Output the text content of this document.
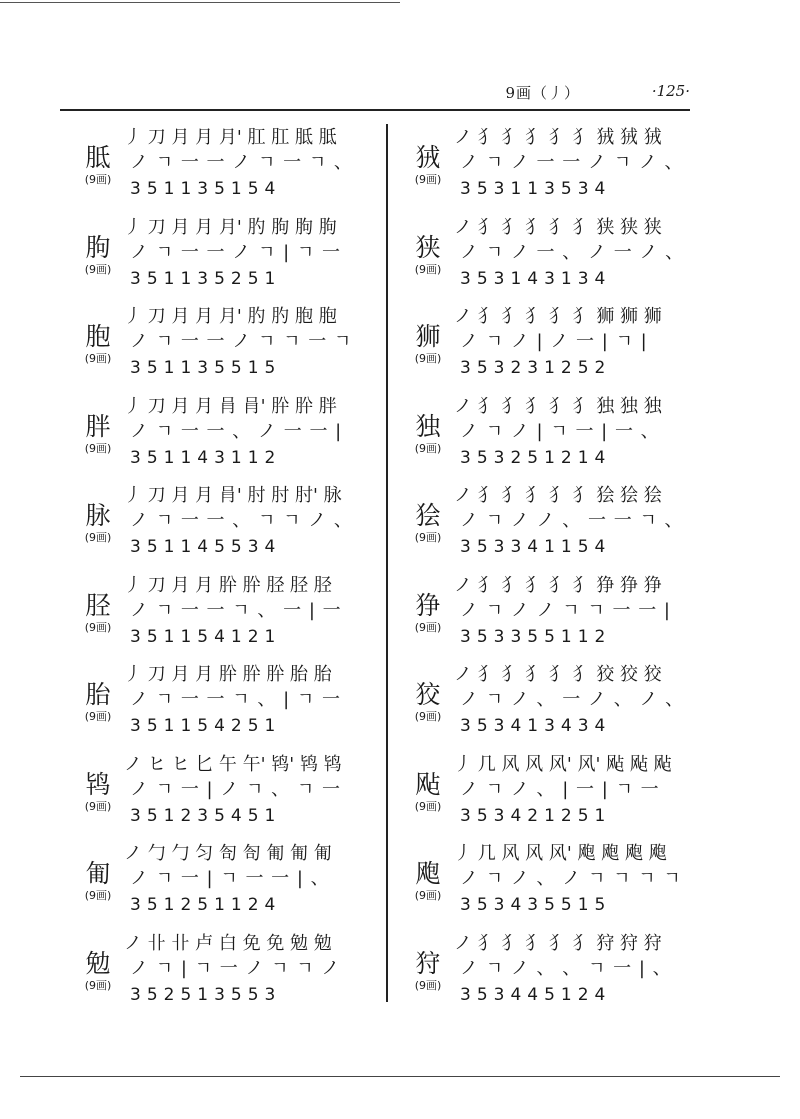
9画（丿）	·125·
胝
(9画)
丿 刀 月 月 月' 肛 肛 胝 胝
ノ ㄱ 一 一 ノ ㄱ 一 ㄱ 、
351135154
朐
(9画)
丿 刀 月 月 月' 肑 朐 朐 朐
ノ ㄱ 一 一 ノ ㄱ | ㄱ 一
351135251
胞
(9画)
丿 刀 月 月 月' 肑 肑 胞 胞
ノ ㄱ 一 一 ノ ㄱ ㄱ 一 ㄱ
351135515
胖
(9画)
丿 刀 月 月 肙 肙' 肸 肸 胖
ノ ㄱ 一 一 、 ノ 一 一 |
351143112
脉
(9画)
丿 刀 月 月 肙' 肘 肘 肘' 脉
ノ ㄱ 一 一 、 ㄱ ㄱ ノ 、
351145534
胫
(9画)
丿 刀 月 月 肸 肸 胫 胫 胫
ノ ㄱ 一 一 ㄱ 、 一 | 一
351154121
胎
(9画)
丿 刀 月 月 肸 肸 肸 胎 胎
ノ ㄱ 一 一 ㄱ 、 | ㄱ 一
351154251
鸨
(9画)
ノ ヒ ヒ 匕 午 午' 鸨' 鸨 鸨
ノ ㄱ 一 | ノ ㄱ 、 ㄱ 一
351235451
匍
(9画)
ノ 勹 勹 匀 匌 匌 匍 匍 匍
ノ ㄱ 一 | ㄱ 一 一 | 、
351251124
勉
(9画)
ノ 卝 卝 卢 白 免 免 勉 勉
ノ ㄱ | ㄱ 一 ノ ㄱ ㄱ ノ
352513553
狨
(9画)
ノ 犭 犭 犭 犭 犭 狨 狨 狨
ノ ㄱ ノ 一 一 ノ ㄱ ノ 、
353113534
狭
(9画)
ノ 犭 犭 犭 犭 犭 狭 狭 狭
ノ ㄱ ノ 一 、 ノ 一 ノ 、
353143134
狮
(9画)
ノ 犭 犭 犭 犭 犭 狮 狮 狮
ノ ㄱ ノ | ノ 一 | ㄱ |
353231252
独
(9画)
ノ 犭 犭 犭 犭 犭 独 独 独
ノ ㄱ ノ | ㄱ 一 | 一 、
353251214
狯
(9画)
ノ 犭 犭 犭 犭 犭 狯 狯 狯
ノ ㄱ ノ ノ 、 一 一 ㄱ 、
353341154
狰
(9画)
ノ 犭 犭 犭 犭 犭 狰 狰 狰
ノ ㄱ ノ ノ ㄱ ㄱ 一 一 |
353355112
狡
(9画)
ノ 犭 犭 犭 犭 犭 狡 狡 狡
ノ ㄱ ノ 、 一 ノ 、 ノ 、
353413434
飐
(9画)
丿 几 风 风 风' 风' 飐 飐 飐
ノ ㄱ ノ 、 | 一 | ㄱ 一
353421251
飑
(9画)
丿 几 风 风 风' 飑 飑 飑 飑
ノ ㄱ ノ 、 ノ ㄱ ㄱ ㄱ ㄱ
353435515
狩
(9画)
ノ 犭 犭 犭 犭 犭 狩 狩 狩
ノ ㄱ ノ 、 、 ㄱ 一 | 、
353445124
